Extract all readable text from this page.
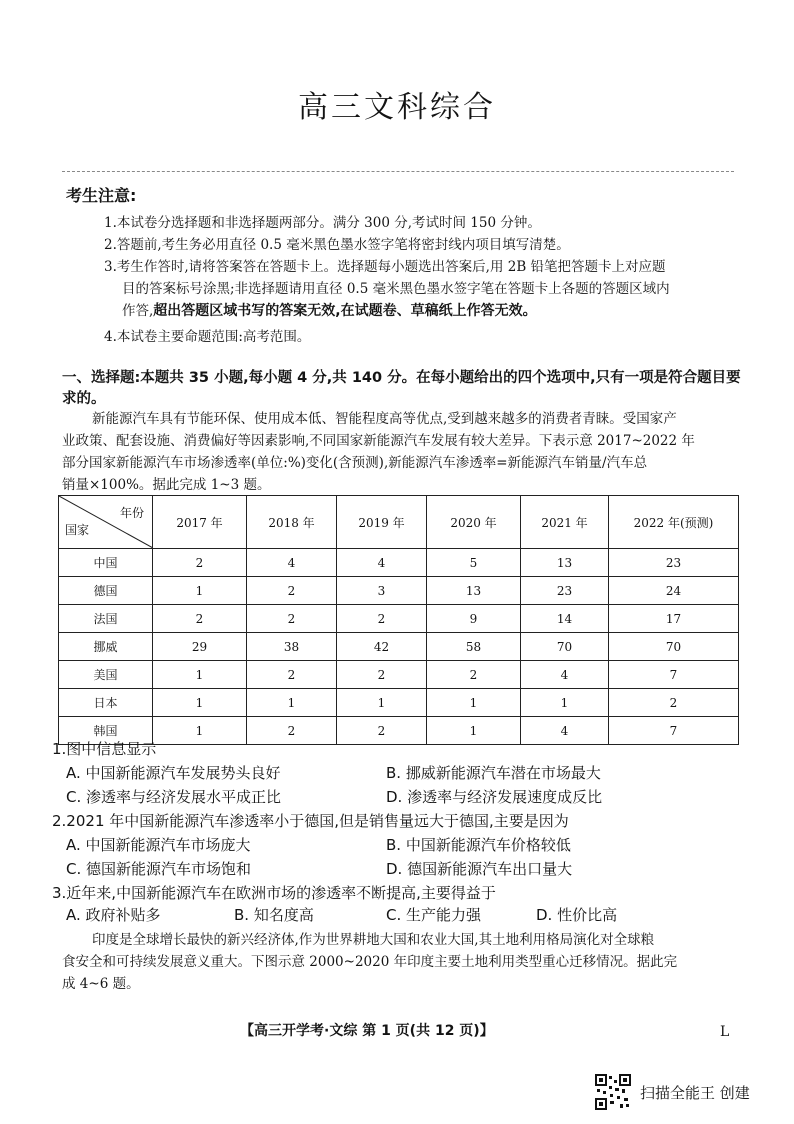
高三文科综合
考生注意:
1.本试卷分选择题和非选择题两部分。满分 300 分,考试时间 150 分钟。
2.答题前,考生务必用直径 0.5 毫米黑色墨水签字笔将密封线内项目填写清楚。
3.考生作答时,请将答案答在答题卡上。选择题每小题选出答案后,用 2B 铅笔把答题卡上对应题
目的答案标号涂黑;非选择题请用直径 0.5 毫米黑色墨水签字笔在答题卡上各题的答题区域内
作答,超出答题区域书写的答案无效,在试题卷、草稿纸上作答无效。
4.本试卷主要命题范围:高考范围。
一、选择题:本题共 35 小题,每小题 4 分,共 140 分。在每小题给出的四个选项中,只有一项是符合题目要求的。
新能源汽车具有节能环保、使用成本低、智能程度高等优点,受到越来越多的消费者青睐。受国家产
业政策、配套设施、消费偏好等因素影响,不同国家新能源汽车发展有较大差异。下表示意 2017~2022 年
部分国家新能源汽车市场渗透率(单位:%)变化(含预测),新能源汽车渗透率=新能源汽车销量/汽车总
销量×100%。据此完成 1~3 题。
年份
国家	2017 年	2018 年	2019 年	2020 年	2021 年	2022 年(预测)
中国	2	4	4	5	13	23
德国	1	2	3	13	23	24
法国	2	2	2	9	14	17
挪威	29	38	42	58	70	70
美国	1	2	2	2	4	7
日本	1	1	1	1	1	2
韩国	1	2	2	1	4	7
1.图中信息显示
A. 中国新能源汽车发展势头良好	B. 挪威新能源汽车潜在市场最大
C. 渗透率与经济发展水平成正比	D. 渗透率与经济发展速度成反比
2.2021 年中国新能源汽车渗透率小于德国,但是销售量远大于德国,主要是因为
A. 中国新能源汽车市场庞大	B. 中国新能源汽车价格较低
C. 德国新能源汽车市场饱和	D. 德国新能源汽车出口量大
3.近年来,中国新能源汽车在欧洲市场的渗透率不断提高,主要得益于
A. 政府补贴多	B. 知名度高	C. 生产能力强	D. 性价比高
印度是全球增长最快的新兴经济体,作为世界耕地大国和农业大国,其土地利用格局演化对全球粮
食安全和可持续发展意义重大。下图示意 2000~2020 年印度主要土地利用类型重心迁移情况。据此完
成 4~6 题。
【高三开学考·文综 第 1 页(共 12 页)】	L
扫描全能王 创建
